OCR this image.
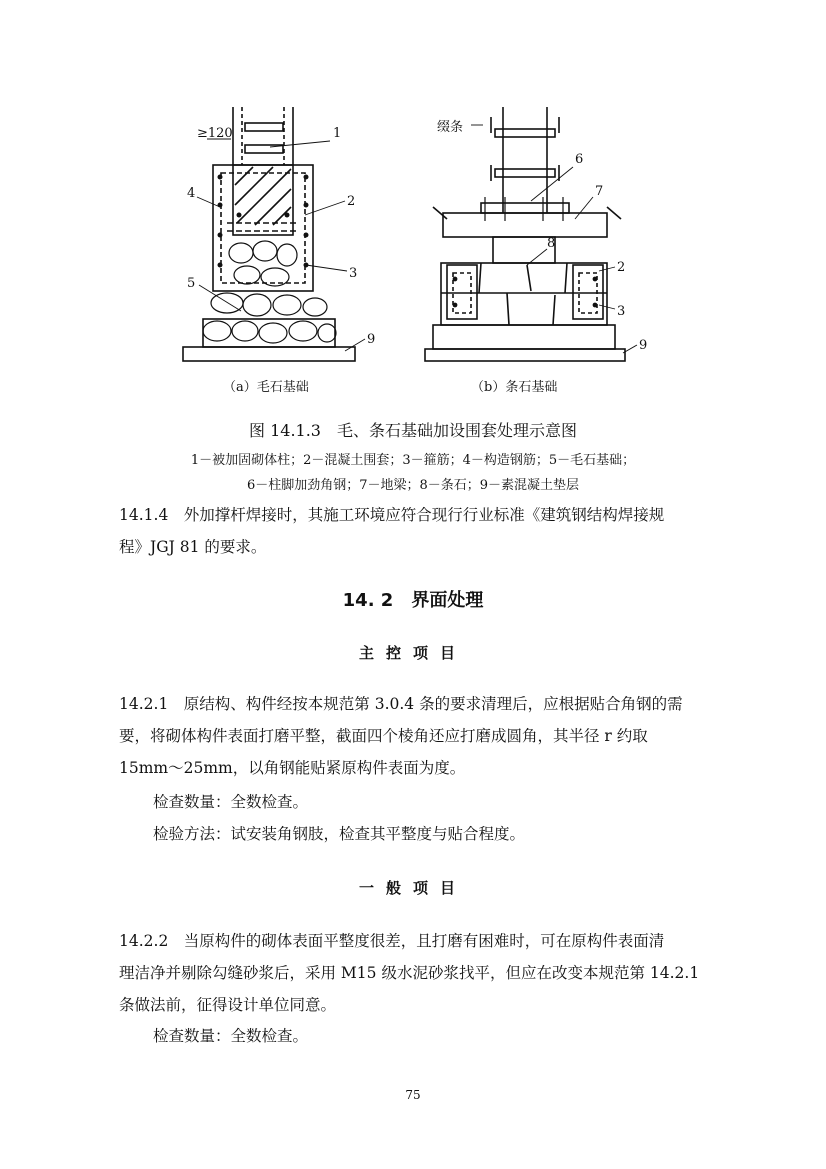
≥120	1
2
3
4
5
9
缀条
6
7
8
2
3
9
（a）毛石基础	（b）条石基础
图 14.1.3　毛、条石基础加设围套处理示意图
1－被加固砌体柱；2－混凝土围套；3－箍筋；4－构造钢筋；5－毛石基础；
6－柱脚加劲角钢；7－地梁；8－条石；9－素混凝土垫层
14.1.4　外加撑杆焊接时，其施工环境应符合现行行业标准《建筑钢结构焊接规
程》JGJ 81 的要求。
14. 2　界面处理
主控项目
14.2.1　原结构、构件经按本规范第 3.0.4 条的要求清理后，应根据贴合角钢的需
要，将砌体构件表面打磨平整，截面四个棱角还应打磨成圆角，其半径 r 约取
15mm～25mm，以角钢能贴紧原构件表面为度。
检查数量：全数检查。
检验方法：试安装角钢肢，检查其平整度与贴合程度。
一般项目
14.2.2　当原构件的砌体表面平整度很差，且打磨有困难时，可在原构件表面清
理洁净并剔除勾缝砂浆后，采用 M15 级水泥砂浆找平，但应在改变本规范第 14.2.1
条做法前，征得设计单位同意。
检查数量：全数检查。
75
